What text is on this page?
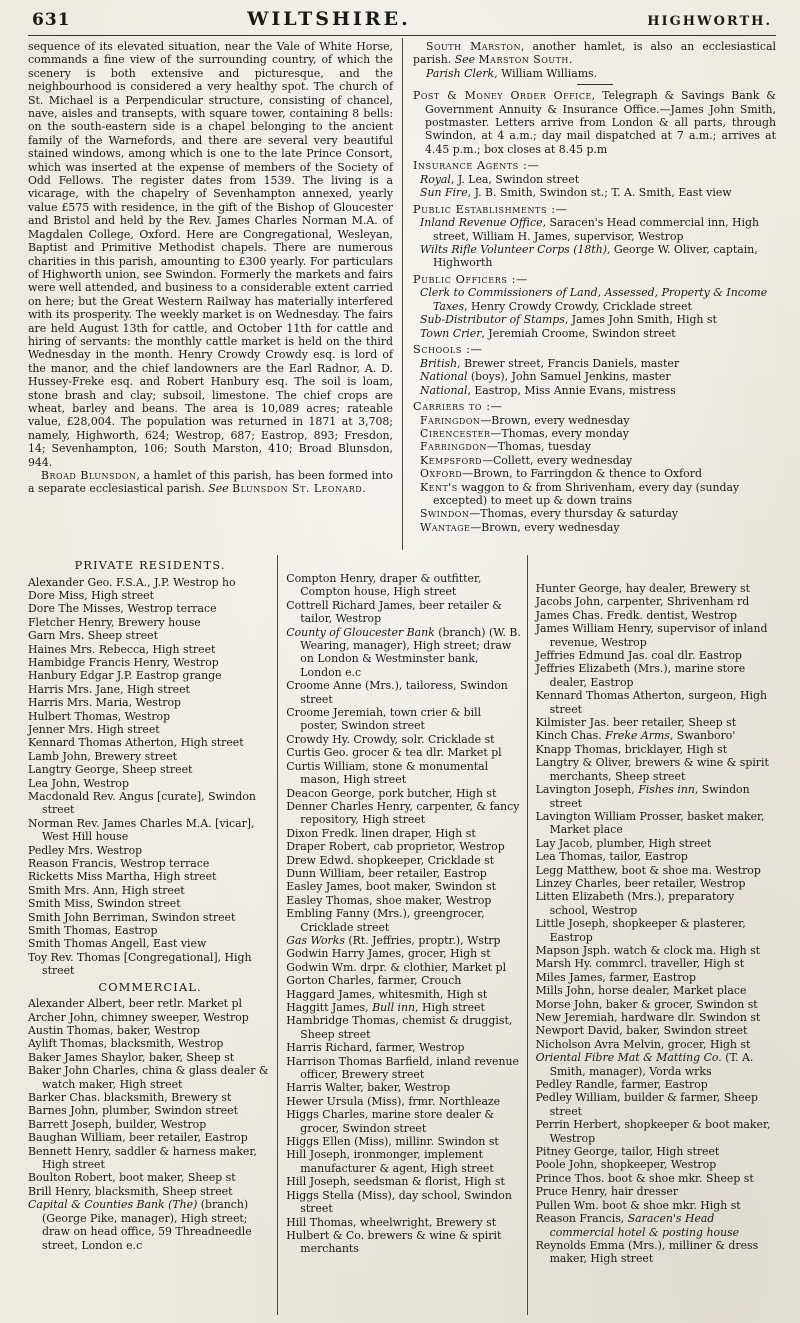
631	WILTSHIRE.	HIGHWORTH.

sequence of its elevated situation, near the Vale of White Horse, commands a fine view of the surrounding country, of which the scenery is both extensive and picturesque, and the neighbourhood is considered a very healthy spot. The church of St. Michael is a Perpendicular structure, consisting of chancel, nave, aisles and transepts, with square tower, containing 8 bells: on the south-eastern side is a chapel belonging to the ancient family of the Warnefords, and there are several very beautiful stained windows, among which is one to the late Prince Consort, which was inserted at the expense of members of the Society of Odd Fellows. The register dates from 1539. The living is a vicarage, with the chapelry of Sevenhampton annexed, yearly value £575 with residence, in the gift of the Bishop of Gloucester and Bristol and held by the Rev. James Charles Norman M.A. of Magdalen College, Oxford. Here are Congregational, Wesleyan, Baptist and Primitive Methodist chapels. There are numerous charities in this parish, amounting to £300 yearly. For particulars of Highworth union, see Swindon. Formerly the markets and fairs were well attended, and business to a considerable extent carried on here; but the Great Western Railway has materially interfered with its prosperity. The weekly market is on Wednesday. The fairs are held August 13th for cattle, and October 11th for cattle and hiring of servants: the monthly cattle market is held on the third Wednesday in the month. Henry Crowdy Crowdy esq. is lord of the manor, and the chief landowners are the Earl Radnor, A. D. Hussey-Freke esq. and Robert Hanbury esq. The soil is loam, stone brash and clay; subsoil, limestone. The chief crops are wheat, barley and beans. The area is 10,089 acres; rateable value, £28,004. The population was returned in 1871 at 3,708; namely, Highworth, 624; Westrop, 687; Eastrop, 893; Fresdon, 14; Sevenhampton, 106; South Marston, 410; Broad Blunsdon, 944.

Broad Blunsdon, a hamlet of this parish, has been formed into a separate ecclesiastical parish. See Blunsdon St. Leonard.

South Marston, another hamlet, is also an ecclesiastical parish. See Marston South.

Parish Clerk, William Williams.

Post & Money Order Office, Telegraph & Savings Bank & Government Annuity & Insurance Office.—James John Smith, postmaster. Letters arrive from London & all parts, through Swindon, at 4 a.m.; day mail dispatched at 7 a.m.; arrives at 4.45 p.m.; box closes at 8.45 p.m

Insurance Agents :—
Royal, J. Lea, Swindon street
Sun Fire, J. B. Smith, Swindon st.; T. A. Smith, East view
Public Establishments :—
Inland Revenue Office, Saracen's Head commercial inn, High street, William H. James, supervisor, Westrop
Wilts Rifle Volunteer Corps (18th), George W. Oliver, captain, Highworth
Public Officers :—
Clerk to Commissioners of Land, Assessed, Property & Income Taxes, Henry Crowdy Crowdy, Cricklade street
Sub-Distributor of Stamps, James John Smith, High st
Town Crier, Jeremiah Croome, Swindon street
Schools :—
British, Brewer street, Francis Daniels, master
National (boys), John Samuel Jenkins, master
National, Eastrop, Miss Annie Evans, mistress
Carriers to :—
Faringdon—Brown, every wednesday
Cirencester—Thomas, every monday
Farringdon—Thomas, tuesday
Kempsford—Collett, every wednesday
Oxford—Brown, to Farringdon & thence to Oxford
Kent's waggon to & from Shrivenham, every day (sunday excepted) to meet up & down trains
Swindon—Thomas, every thursday & saturday
Wantage—Brown, every wednesday
PRIVATE RESIDENTS.
Alexander Geo. F.S.A., J.P. Westrop ho
Dore Miss, High street
Dore The Misses, Westrop terrace
Fletcher Henry, Brewery house
Garn Mrs. Sheep street
Haines Mrs. Rebecca, High street
Hambidge Francis Henry, Westrop
Hanbury Edgar J.P. Eastrop grange
Harris Mrs. Jane, High street
Harris Mrs. Maria, Westrop
Hulbert Thomas, Westrop
Jenner Mrs. High street
Kennard Thomas Atherton, High street
Lamb John, Brewery street
Langtry George, Sheep street
Lea John, Westrop
Macdonald Rev. Angus [curate], Swindon street
Norman Rev. James Charles M.A. [vicar], West Hill house
Pedley Mrs. Westrop
Reason Francis, Westrop terrace
Ricketts Miss Martha, High street
Smith Mrs. Ann, High street
Smith Miss, Swindon street
Smith John Berriman, Swindon street
Smith Thomas, Eastrop
Smith Thomas Angell, East view
Toy Rev. Thomas [Congregational], High street
COMMERCIAL.
Alexander Albert, beer retlr. Market pl
Archer John, chimney sweeper, Westrop
Austin Thomas, baker, Westrop
Aylift Thomas, blacksmith, Westrop
Baker James Shaylor, baker, Sheep st
Baker John Charles, china & glass dealer & watch maker, High street
Barker Chas. blacksmith, Brewery st
Barnes John, plumber, Swindon street
Barrett Joseph, builder, Westrop
Baughan William, beer retailer, Eastrop
Bennett Henry, saddler & harness maker, High street
Boulton Robert, boot maker, Sheep st
Brill Henry, blacksmith, Sheep street
Capital & Counties Bank (The) (branch) (George Pike, manager), High street; draw on head office, 59 Threadneedle street, London e.c
Compton Henry, draper & outfitter, Compton house, High street
Cottrell Richard James, beer retailer & tailor, Westrop
County of Gloucester Bank (branch) (W. B. Wearing, manager), High street; draw on London & Westminster bank, London e.c
Croome Anne (Mrs.), tailoress, Swindon street
Croome Jeremiah, town crier & bill poster, Swindon street
Crowdy Hy. Crowdy, solr. Cricklade st
Curtis Geo. grocer & tea dlr. Market pl
Curtis William, stone & monumental mason, High street
Deacon George, pork butcher, High st
Denner Charles Henry, carpenter, & fancy repository, High street
Dixon Fredk. linen draper, High st
Draper Robert, cab proprietor, Westrop
Drew Edwd. shopkeeper, Cricklade st
Dunn William, beer retailer, Eastrop
Easley James, boot maker, Swindon st
Easley Thomas, shoe maker, Westrop
Embling Fanny (Mrs.), greengrocer, Cricklade street
Gas Works (Rt. Jeffries, proptr.), Wstrp
Godwin Harry James, grocer, High st
Godwin Wm. drpr. & clothier, Market pl
Gorton Charles, farmer, Crouch
Haggard James, whitesmith, High st
Haggitt James, Bull inn, High street
Hambridge Thomas, chemist & druggist, Sheep street
Harris Richard, farmer, Westrop
Harrison Thomas Barfield, inland revenue officer, Brewery street
Harris Walter, baker, Westrop
Hewer Ursula (Miss), frmr. Northleaze
Higgs Charles, marine store dealer & grocer, Swindon street
Higgs Ellen (Miss), millinr. Swindon st
Hill Joseph, ironmonger, implement manufacturer & agent, High street
Hill Joseph, seedsman & florist, High st
Higgs Stella (Miss), day school, Swindon street
Hill Thomas, wheelwright, Brewery st
Hulbert & Co. brewers & wine & spirit merchants
Hunter George, hay dealer, Brewery st
Jacobs John, carpenter, Shrivenham rd
James Chas. Fredk. dentist, Westrop
James William Henry, supervisor of inland revenue, Westrop
Jeffries Edmund Jas. coal dlr. Eastrop
Jeffries Elizabeth (Mrs.), marine store dealer, Eastrop
Kennard Thomas Atherton, surgeon, High street
Kilmister Jas. beer retailer, Sheep st
Kinch Chas. Freke Arms, Swanboro'
Knapp Thomas, bricklayer, High st
Langtry & Oliver, brewers & wine & spirit merchants, Sheep street
Lavington Joseph, Fishes inn, Swindon street
Lavington William Prosser, basket maker, Market place
Lay Jacob, plumber, High street
Lea Thomas, tailor, Eastrop
Legg Matthew, boot & shoe ma. Westrop
Linzey Charles, beer retailer, Westrop
Litten Elizabeth (Mrs.), preparatory school, Westrop
Little Joseph, shopkeeper & plasterer, Eastrop
Mapson Jsph. watch & clock ma. High st
Marsh Hy. commrcl. traveller, High st
Miles James, farmer, Eastrop
Mills John, horse dealer, Market place
Morse John, baker & grocer, Swindon st
New Jeremiah, hardware dlr. Swindon st
Newport David, baker, Swindon street
Nicholson Avra Melvin, grocer, High st
Oriental Fibre Mat & Matting Co. (T. A. Smith, manager), Vorda wrks
Pedley Randle, farmer, Eastrop
Pedley William, builder & farmer, Sheep street
Perrin Herbert, shopkeeper & boot maker, Westrop
Pitney George, tailor, High street
Poole John, shopkeeper, Westrop
Prince Thos. boot & shoe mkr. Sheep st
Pruce Henry, hair dresser
Pullen Wm. boot & shoe mkr. High st
Reason Francis, Saracen's Head commercial hotel & posting house
Reynolds Emma (Mrs.), milliner & dress maker, High street
